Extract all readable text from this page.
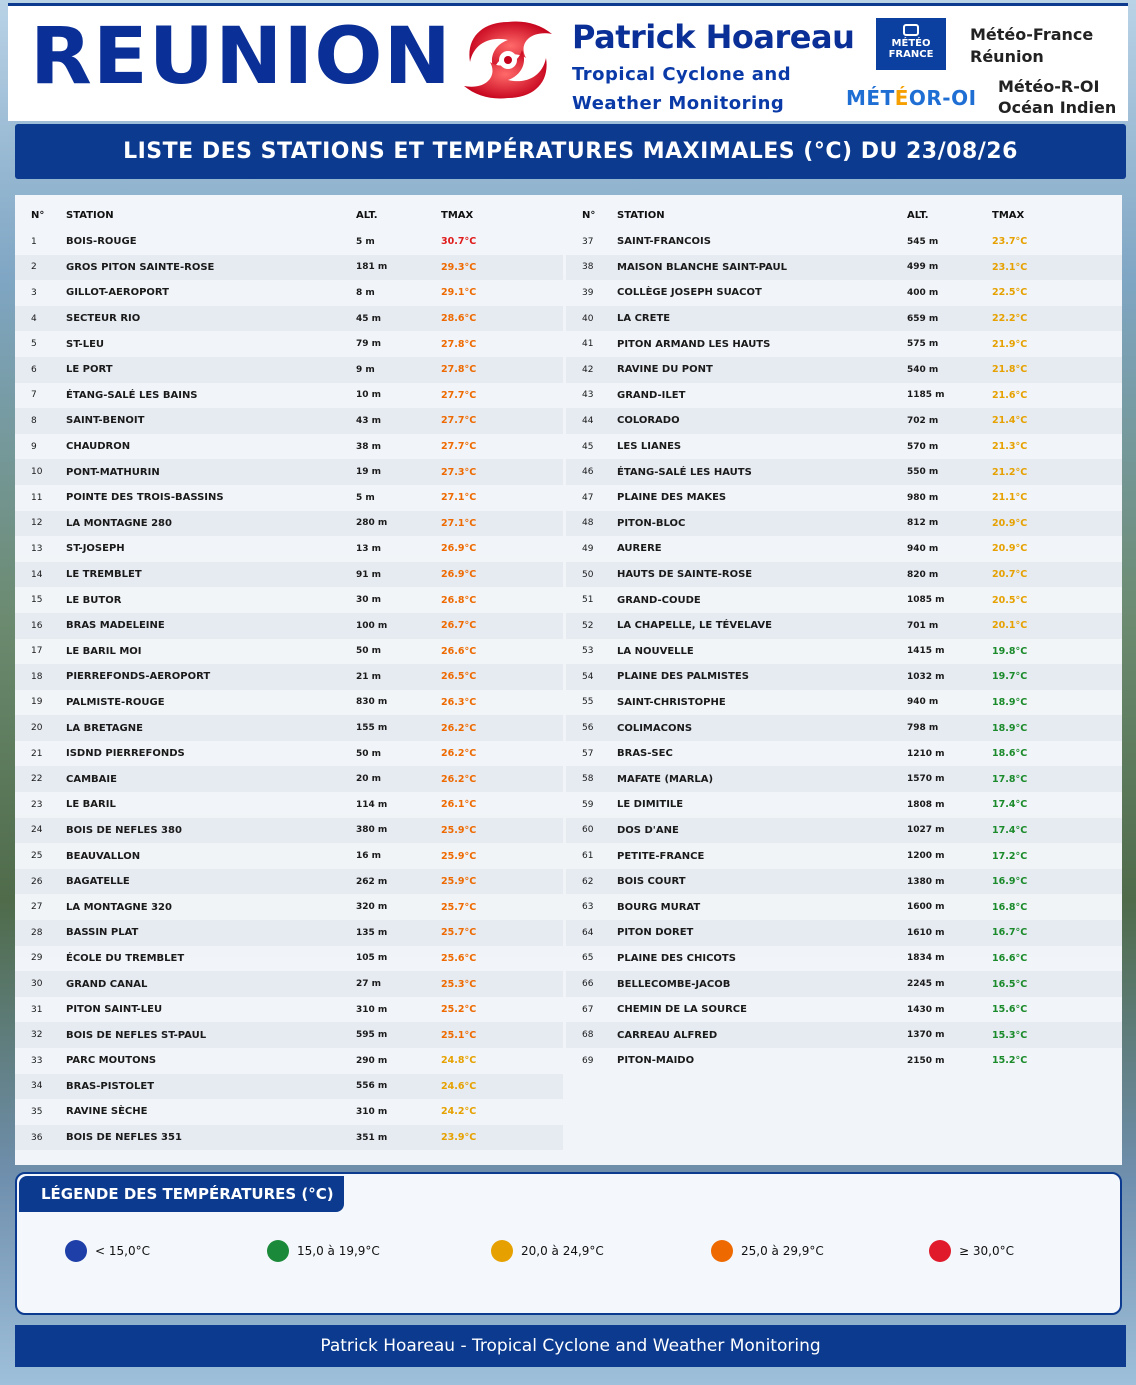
REUNION	Patrick Hoareau
Tropical Cyclone and
Weather Monitoring
MÉTÉO
FRANCE
Météo-France
Réunion
MÉTÉOR-OI Météo-R-OI
Océan Indien
LISTE DES STATIONS ET TEMPÉRATURES MAXIMALES (°C) DU 23/08/26
N°	STATION	ALT.	TMAX
1	BOIS-ROUGE	5 m	30.7°C
2	GROS PITON SAINTE-ROSE	181 m	29.3°C
3	GILLOT-AEROPORT	8 m	29.1°C
4	SECTEUR RIO	45 m	28.6°C
5	ST-LEU	79 m	27.8°C
6	LE PORT	9 m	27.8°C
7	ÉTANG-SALÉ LES BAINS	10 m	27.7°C
8	SAINT-BENOIT	43 m	27.7°C
9	CHAUDRON	38 m	27.7°C
10	PONT-MATHURIN	19 m	27.3°C
11	POINTE DES TROIS-BASSINS	5 m	27.1°C
12	LA MONTAGNE 280	280 m	27.1°C
13	ST-JOSEPH	13 m	26.9°C
14	LE TREMBLET	91 m	26.9°C
15	LE BUTOR	30 m	26.8°C
16	BRAS MADELEINE	100 m	26.7°C
17	LE BARIL MOI	50 m	26.6°C
18	PIERREFONDS-AEROPORT	21 m	26.5°C
19	PALMISTE-ROUGE	830 m	26.3°C
20	LA BRETAGNE	155 m	26.2°C
21	ISDND PIERREFONDS	50 m	26.2°C
22	CAMBAIE	20 m	26.2°C
23	LE BARIL	114 m	26.1°C
24	BOIS DE NEFLES 380	380 m	25.9°C
25	BEAUVALLON	16 m	25.9°C
26	BAGATELLE	262 m	25.9°C
27	LA MONTAGNE 320	320 m	25.7°C
28	BASSIN PLAT	135 m	25.7°C
29	ÉCOLE DU TREMBLET	105 m	25.6°C
30	GRAND CANAL	27 m	25.3°C
31	PITON SAINT-LEU	310 m	25.2°C
32	BOIS DE NEFLES ST-PAUL	595 m	25.1°C
33	PARC MOUTONS	290 m	24.8°C
34	BRAS-PISTOLET	556 m	24.6°C
35	RAVINE SÈCHE	310 m	24.2°C
36	BOIS DE NEFLES 351	351 m	23.9°C
N°	STATION	ALT.	TMAX
37	SAINT-FRANCOIS	545 m	23.7°C
38	MAISON BLANCHE SAINT-PAUL	499 m	23.1°C
39	COLLÈGE JOSEPH SUACOT	400 m	22.5°C
40	LA CRETE	659 m	22.2°C
41	PITON ARMAND LES HAUTS	575 m	21.9°C
42	RAVINE DU PONT	540 m	21.8°C
43	GRAND-ILET	1185 m	21.6°C
44	COLORADO	702 m	21.4°C
45	LES LIANES	570 m	21.3°C
46	ÉTANG-SALÉ LES HAUTS	550 m	21.2°C
47	PLAINE DES MAKES	980 m	21.1°C
48	PITON-BLOC	812 m	20.9°C
49	AURERE	940 m	20.9°C
50	HAUTS DE SAINTE-ROSE	820 m	20.7°C
51	GRAND-COUDE	1085 m	20.5°C
52	LA CHAPELLE, LE TÉVELAVE	701 m	20.1°C
53	LA NOUVELLE	1415 m	19.8°C
54	PLAINE DES PALMISTES	1032 m	19.7°C
55	SAINT-CHRISTOPHE	940 m	18.9°C
56	COLIMACONS	798 m	18.9°C
57	BRAS-SEC	1210 m	18.6°C
58	MAFATE (MARLA)	1570 m	17.8°C
59	LE DIMITILE	1808 m	17.4°C
60	DOS D'ANE	1027 m	17.4°C
61	PETITE-FRANCE	1200 m	17.2°C
62	BOIS COURT	1380 m	16.9°C
63	BOURG MURAT	1600 m	16.8°C
64	PITON DORET	1610 m	16.7°C
65	PLAINE DES CHICOTS	1834 m	16.6°C
66	BELLECOMBE-JACOB	2245 m	16.5°C
67	CHEMIN DE LA SOURCE	1430 m	15.6°C
68	CARREAU ALFRED	1370 m	15.3°C
69	PITON-MAIDO	2150 m	15.2°C
LÉGENDE DES TEMPÉRATURES (°C)
< 15,0°C	15,0 à 19,9°C	20,0 à 24,9°C	25,0 à 29,9°C	≥ 30,0°C
Patrick Hoareau - Tropical Cyclone and Weather Monitoring
